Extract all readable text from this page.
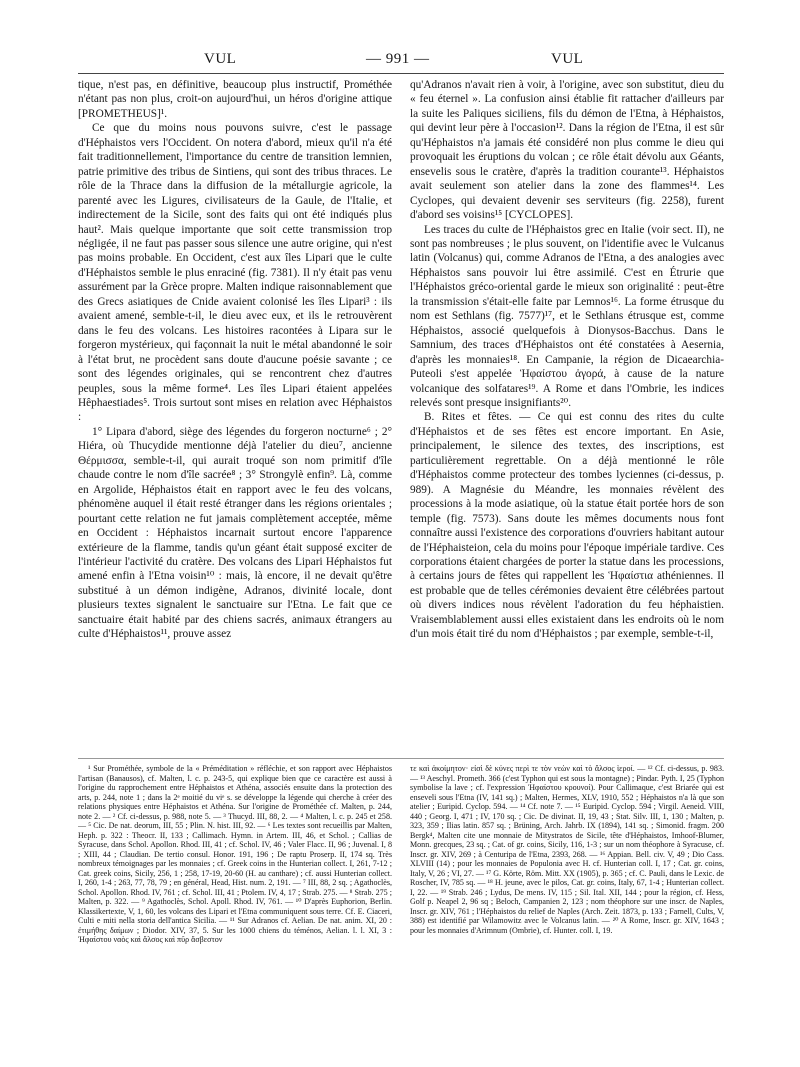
VUL	— 991 —	VUL

tique, n'est pas, en définitive, beaucoup plus instructif, Prométhée n'étant pas non plus, croit-on aujourd'hui, un héros d'origine attique [PROMETHEUS]¹.

Ce que du moins nous pouvons suivre, c'est le passage d'Héphaistos vers l'Occident. On notera d'abord, mieux qu'il n'a été fait traditionnellement, l'importance du centre de transition lemnien, patrie primitive des tribus de Sintiens, qui sont des tribus thraces. Le rôle de la Thrace dans la diffusion de la métallurgie agricole, la parenté avec les Ligures, civilisateurs de la Gaule, de l'Italie, et indirectement de la Sicile, sont des faits qui ont été indiqués plus haut². Mais quelque importante que soit cette transmission trop négligée, il ne faut pas passer sous silence une autre origine, qui n'est pas moins probable. En Occident, c'est aux îles Lipari que le culte d'Héphaistos semble le plus enraciné (fig. 7381). Il n'y était pas venu assurément par la Grèce propre. Malten indique raisonnablement que des Grecs asiatiques de Cnide avaient colonisé les îles Lipari³ : ils avaient amené, semble-t-il, le dieu avec eux, et ils le retrouvèrent dans le feu des volcans. Les histoires racontées à Lipara sur le forgeron mystérieux, qui façonnait la nuit le métal abandonné le soir à l'état brut, ne procèdent sans doute d'aucune poésie savante ; ce sont des légendes originales, qui se rencontrent chez d'autres peuples, sous la même forme⁴. Les îles Lipari étaient appelées Hêphaestiades⁵. Trois surtout sont mises en relation avec Héphaistos :

1° Lipara d'abord, siège des légendes du forgeron nocturne⁶ ; 2° Hiéra, où Thucydide mentionne déjà l'atelier du dieu⁷, ancienne Θέρμισσα, semble-t-il, qui aurait troqué son nom primitif d'île chaude contre le nom d'île sacrée⁸ ; 3° Strongylè enfin⁹. Là, comme en Argolide, Héphaistos était en rapport avec le feu des volcans, phénomène auquel il était resté étranger dans les régions orientales ; pourtant cette relation ne fut jamais complètement acceptée, même en Occident : Héphaistos incarnait surtout encore l'apparence extérieure de la flamme, tandis qu'un géant était supposé exciter de l'intérieur l'activité du cratère. Des volcans des Lipari Héphaistos fut amené enfin à l'Etna voisin¹⁰ : mais, là encore, il ne devait qu'être substitué à un démon indigène, Adranos, divinité locale, dont plusieurs textes signalent le sanctuaire sur l'Etna. Le fait que ce sanctuaire était habité par des chiens sacrés, animaux étrangers au culte d'Héphaistos¹¹, prouve assez

qu'Adranos n'avait rien à voir, à l'origine, avec son substitut, dieu du « feu éternel ». La confusion ainsi établie fit rattacher d'ailleurs par la suite les Paliques siciliens, fils du démon de l'Etna, à Héphaistos, qui devint leur père à l'occasion¹². Dans la région de l'Etna, il est sûr qu'Héphaistos n'a jamais été considéré non plus comme le dieu qui provoquait les éruptions du volcan ; ce rôle était dévolu aux Géants, ensevelis sous le cratère, d'après la tradition courante¹³. Héphaistos avait seulement son atelier dans la zone des flammes¹⁴. Les Cyclopes, qui devaient devenir ses serviteurs (fig. 2258), furent d'abord ses voisins¹⁵ [CYCLOPES].

Les traces du culte de l'Héphaistos grec en Italie (voir sect. II), ne sont pas nombreuses ; le plus souvent, on l'identifie avec le Vulcanus latin (Volcanus) qui, comme Adranos de l'Etna, a des analogies avec Héphaistos sans pouvoir lui être assimilé. C'est en Étrurie que l'Héphaistos gréco-oriental garde le mieux son originalité : peut-être la transmission s'était-elle faite par Lemnos¹⁶. La forme étrusque du nom est Sethlans (fig. 7577)¹⁷, et le Sethlans étrusque est, comme Héphaistos, associé quelquefois à Dionysos-Bacchus. Dans le Samnium, des traces d'Héphaistos ont été constatées à Aesernia, d'après les monnaies¹⁸. En Campanie, la région de Dicaearchia-Puteoli s'est appelée Ἡφαίστου ἀγορά, à cause de la nature volcanique des solfatares¹⁹. A Rome et dans l'Ombrie, les indices relevés sont presque insignifiants²⁰.

B. Rites et fêtes. — Ce qui est connu des rites du culte d'Héphaistos et de ses fêtes est encore important. En Asie, principalement, le silence des textes, des inscriptions, est particulièrement regrettable. On a déjà mentionné le rôle d'Héphaistos comme protecteur des tombes lyciennes (ci-dessus, p. 989). A Magnésie du Méandre, les monnaies révèlent des processions à la mode asiatique, où la statue était portée hors de son temple (fig. 7573). Sans doute les mêmes documents nous font connaître aussi l'existence des corporations d'ouvriers habitant autour de l'Héphaisteion, cela du moins pour l'époque impériale tardive. Ces corporations étaient chargées de porter la statue dans les processions, à certains jours de fêtes qui rappellent les Ἡφαίστια athéniennes. Il est probable que de telles cérémonies devaient être célébrées partout où divers indices nous révèlent l'adoration du feu héphaistien. Vraisemblablement aussi elles existaient dans les endroits où le nom d'un mois était tiré du nom d'Héphaistos ; par exemple, semble-t-il,

¹ Sur Prométhée, symbole de la « Préméditation » réfléchie, et son rapport avec Héphaistos l'artisan (Banausos), cf. Malten, l. c. p. 243-5, qui explique bien que ce caractère est aussi à l'origine du rapprochement entre Héphaistos et Athéna, associés ensuite dans la protection des arts, p. 244, note 1 ; dans la 2ᵉ moitié du viᵉ s. se développe la légende qui cherche à créer des relations physiques entre Héphaistos et Athéna. Sur l'origine de Prométhée cf. Malten, p. 244, note 2. — ² Cf. ci-dessus, p. 988, note 5. — ³ Thucyd. III, 88, 2. — ⁴ Malten, l. c. p. 245 et 258. — ⁵ Cic. De nat. deorum, III, 55 ; Plin. N. hist. III, 92. — ⁶ Les textes sont recueillis par Malten, Heph. p. 322 : Theocr. II, 133 ; Callimach. Hymn. in Artem. III, 46, et Schol. ; Callias de Syracuse, dans Schol. Apollon. Rhod. III, 41 ; cf. Schol. IV, 46 ; Valer Flacc. II, 96 ; Juvenal. I, 8 ; XIII, 44 ; Claudian. De tertio consul. Honor. 191, 196 ; De raptu Proserp. II, 174 sq. Très nombreux témoignages par les monnaies ; cf. Greek coins in the Hunterian collect. I, 261, 7-12 ; Cat. greek coins, Sicily, 256, 1 ; 258, 17-19, 20-60 (H. au canthare) ; cf. aussi Hunterian collect. I, 260, 1-4 ; 263, 77, 78, 79 ; en général, Head, Hist. num. 2, 191. — ⁷ III, 88, 2 sq. ; Agathoclès, Schol. Apollon. Rhod. IV, 761 ; cf. Schol. III, 41 ; Ptolem. IV, 4, 17 ; Strab. 275. — ⁸ Strab. 275 ; Malten, p. 322. — ⁹ Agathoclès, Schol. Apoll. Rhod. IV, 761. — ¹⁰ D'après Euphorion, Berlin. Klassikertexte, V, 1, 60, les volcans des Lipari et l'Etna communiquent sous terre. Cf. E. Ciaceri, Culti e miti nella storia dell'antica Sicilia. — ¹¹ Sur Adranos cf. Aelian. De nat. anim. XI, 20 : ἐτιμήθης δαίμων ; Diodor. XIV, 37, 5. Sur les 1000 chiens du téménos, Aelian. l. l. XI, 3 : Ἡφαίστου ναὸς καὶ ἄλσος καὶ πῦρ ἄσβεστον

τε καὶ ἀκοίμητον· εἰσὶ δὲ κύνες περὶ τε τὸν νεὼν καὶ τὸ ἄλσος ἱεροί. — ¹² Cf. ci-dessus, p. 983. — ¹³ Aeschyl. Prometh. 366 (c'est Typhon qui est sous la montagne) ; Pindar. Pyth. I, 25 (Typhon symbolise la lave ; cf. l'expression Ἡφαίστου κρουνοί). Pour Callimaque, c'est Briarée qui est enseveli sous l'Etna (IV, 141 sq.) ; Malten, Hermes, XLV, 1910, 552 ; Héphaistos n'a là que son atelier ; Euripid. Cyclop. 594. — ¹⁴ Cf. note 7. — ¹⁵ Euripid. Cyclop. 594 ; Virgil. Aeneid. VIII, 440 ; Georg. I, 471 ; IV, 170 sq. ; Cic. De divinat. II, 19, 43 ; Stat. Silv. III, 1, 130 ; Malten, p. 323, 359 ; Ilias latin. 857 sq. ; Brüning, Arch. Jahrb. IX (1894), 141 sq. ; Simonid. fragm. 200 Bergk⁴, Malten cite une monnaie de Mitystratos de Sicile, tête d'Héphaistos, Imhoof-Blumer, Monn. grecques, 23 sq. ; Cat. of gr. coins, Sicily, 116, 1-3 ; sur un nom théophore à Syracuse, cf. Inscr. gr. XIV, 269 ; à Centuripa de l'Etna, 2393, 268. — ¹⁶ Appian. Bell. civ. V, 49 ; Dio Cass. XLVIII (14) ; pour les monnaies de Populonia avec H. cf. Hunterian coll. I, 17 ; Cat. gr. coins, Italy, V, 26 ; VI, 27. — ¹⁷ G. Körte, Röm. Mitt. XX (1905), p. 365 ; cf. C. Pauli, dans le Lexic. de Roscher, IV, 785 sq. — ¹⁸ H. jeune, avec le pilos, Cat. gr. coins, Italy, 67, 1-4 ; Hunterian collect. I, 22. — ¹⁹ Strab. 246 ; Lydus, De mens. IV, 115 ; Sil. Ital. XII, 144 ; pour la région, cf. Hess, Golf p. Neapel 2, 96 sq ; Beloch, Campanien 2, 123 ; nom théophore sur une inscr. de Naples, Inscr. gr. XIV, 761 ; l'Héphaistos du relief de Naples (Arch. Zeit. 1873, p. 133 ; Farnell, Cults, V, 388) est identifié par Wilamowitz avec le Volcanus latin. — ²⁰ A Rome, Inscr. gr. XIV, 1643 ; pour les monnaies d'Arimnum (Ombrie), cf. Hunter. coll. I, 19.
